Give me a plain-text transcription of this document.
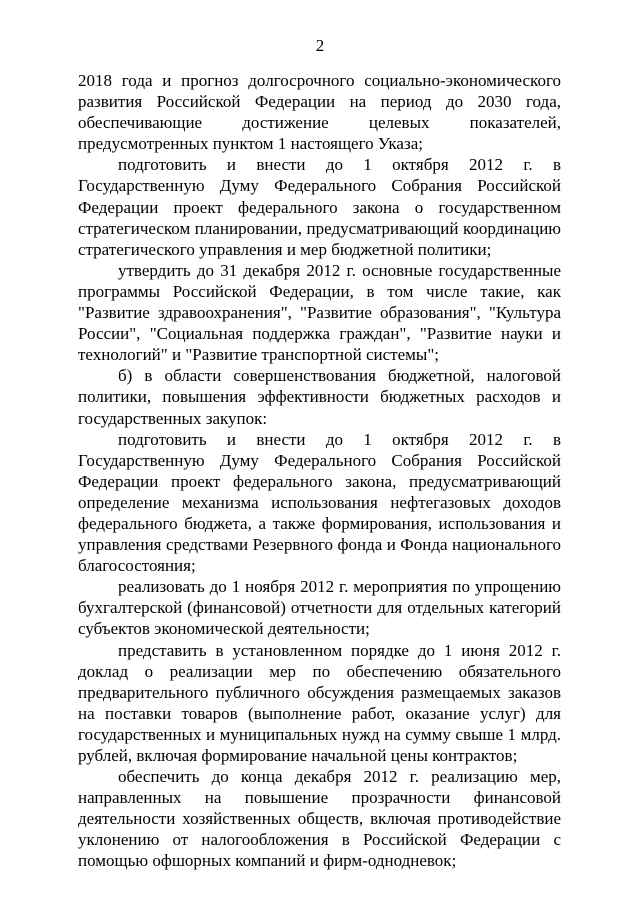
2

2018 года и прогноз долгосрочного социально-экономического развития Российской Федерации на период до 2030 года, обеспечивающие достижение целевых показателей, предусмотренных пунктом 1 настоящего Указа;

подготовить и внести до 1 октября 2012 г. в Государственную Думу Федерального Собрания Российской Федерации проект федерального закона о государственном стратегическом планировании, предусматривающий координацию стратегического управления и мер бюджетной политики;

утвердить до 31 декабря 2012 г. основные государственные программы Российской Федерации, в том числе такие, как "Развитие здравоохранения", "Развитие образования", "Культура России", "Социальная поддержка граждан", "Развитие науки и технологий" и "Развитие транспортной системы";

б) в области совершенствования бюджетной, налоговой политики, повышения эффективности бюджетных расходов и государственных закупок:

подготовить и внести до 1 октября 2012 г. в Государственную Думу Федерального Собрания Российской Федерации проект федерального закона, предусматривающий определение механизма использования нефтегазовых доходов федерального бюджета, а также формирования, использования и управления средствами Резервного фонда и Фонда национального благосостояния;

реализовать до 1 ноября 2012 г. мероприятия по упрощению бухгалтерской (финансовой) отчетности для отдельных категорий субъектов экономической деятельности;

представить в установленном порядке до 1 июня 2012 г. доклад о реализации мер по обеспечению обязательного предварительного публичного обсуждения размещаемых заказов на поставки товаров (выполнение работ, оказание услуг) для государственных и муниципальных нужд на сумму свыше 1 млрд. рублей, включая формирование начальной цены контрактов;

обеспечить до конца декабря 2012 г. реализацию мер, направленных на повышение прозрачности финансовой деятельности хозяйственных обществ, включая противодействие уклонению от налогообложения в Российской Федерации с помощью офшорных компаний и фирм-однодневок;
